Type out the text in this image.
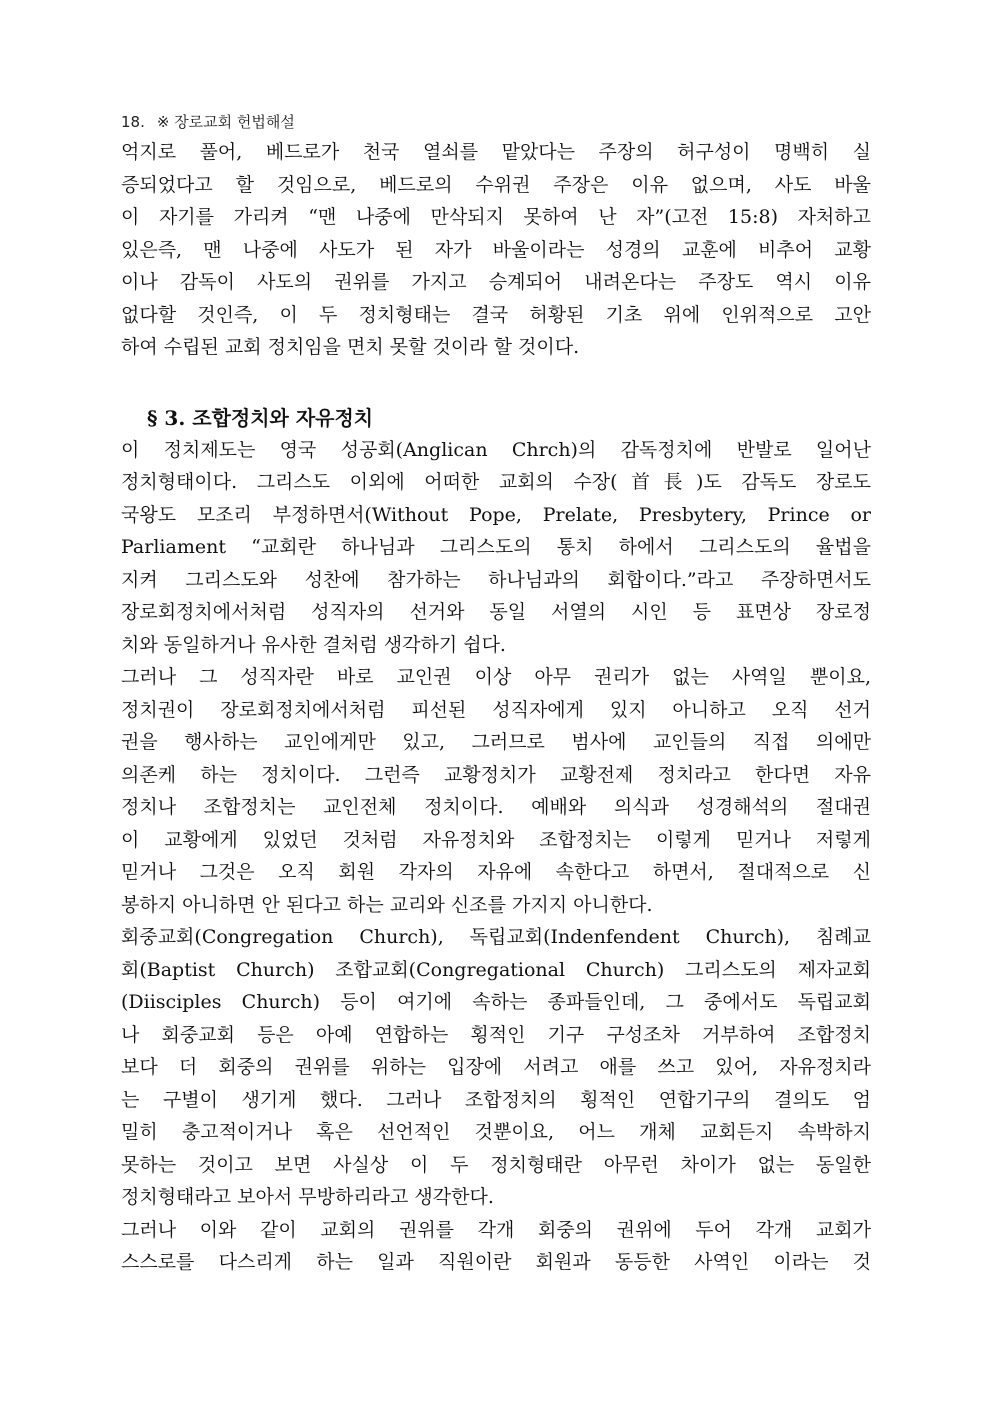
18. ※ 장로교회 헌법해설

억지로 풀어, 베드로가 천국 열쇠를 맡았다는 주장의 허구성이 명백히 실
증되었다고 할 것임으로, 베드로의 수위권 주장은 이유 없으며, 사도 바울
이 자기를 가리켜 “맨 나중에 만삭되지 못하여 난 자”(고전 15:8) 자처하고
있은즉, 맨 나중에 사도가 된 자가 바울이라는 성경의 교훈에 비추어 교황
이나 감독이 사도의 권위를 가지고 승계되어 내려온다는 주장도 역시 이유
없다할 것인즉, 이 두 정치형태는 결국 허황된 기초 위에 인위적으로 고안
하여 수립된 교회 정치임을 면치 못할 것이라 할 것이다.

§ 3. 조합정치와 자유정치

이 정치제도는 영국 성공회(Anglican Chrch)의 감독정치에 반발로 일어난
정치형태이다. 그리스도 이외에 어떠한 교회의 수장(首長)도 감독도 장로도
국왕도 모조리 부정하면서(Without Pope, Prelate, Presbytery, Prince or
Parliament “교회란 하나님과 그리스도의 통치 하에서 그리스도의 율법을
지켜 그리스도와 성찬에 참가하는 하나님과의 회합이다.”라고 주장하면서도
장로회정치에서처럼 성직자의 선거와 동일 서열의 시인 등 표면상 장로정
치와 동일하거나 유사한 결처럼 생각하기 쉽다.

그러나 그 성직자란 바로 교인권 이상 아무 권리가 없는 사역일 뿐이요,
정치권이 장로회정치에서처럼 피선된 성직자에게 있지 아니하고 오직 선거
권을 행사하는 교인에게만 있고, 그러므로 범사에 교인들의 직접 의에만
의존케 하는 정치이다. 그런즉 교황정치가 교황전제 정치라고 한다면 자유
정치나 조합정치는 교인전체 정치이다. 예배와 의식과 성경해석의 절대권
이 교황에게 있었던 것처럼 자유정치와 조합정치는 이렇게 믿거나 저렇게
믿거나 그것은 오직 회원 각자의 자유에 속한다고 하면서, 절대적으로 신
봉하지 아니하면 안 된다고 하는 교리와 신조를 가지지 아니한다.

회중교회(Congregation Church), 독립교회(Indenfendent Church), 침례교
회(Baptist Church) 조합교회(Congregational Church) 그리스도의 제자교회
(Diisciples Church) 등이 여기에 속하는 종파들인데, 그 중에서도 독립교회
나 회중교회 등은 아예 연합하는 횡적인 기구 구성조차 거부하여 조합정치
보다 더 회중의 권위를 위하는 입장에 서려고 애를 쓰고 있어, 자유정치라
는 구별이 생기게 했다. 그러나 조합정치의 횡적인 연합기구의 결의도 엄
밀히 충고적이거나 혹은 선언적인 것뿐이요, 어느 개체 교회든지 속박하지
못하는 것이고 보면 사실상 이 두 정치형태란 아무런 차이가 없는 동일한
정치형태라고 보아서 무방하리라고 생각한다.

그러나 이와 같이 교회의 권위를 각개 회중의 권위에 두어 각개 교회가
스스로를 다스리게 하는 일과 직원이란 회원과 동등한 사역인 이라는 것
